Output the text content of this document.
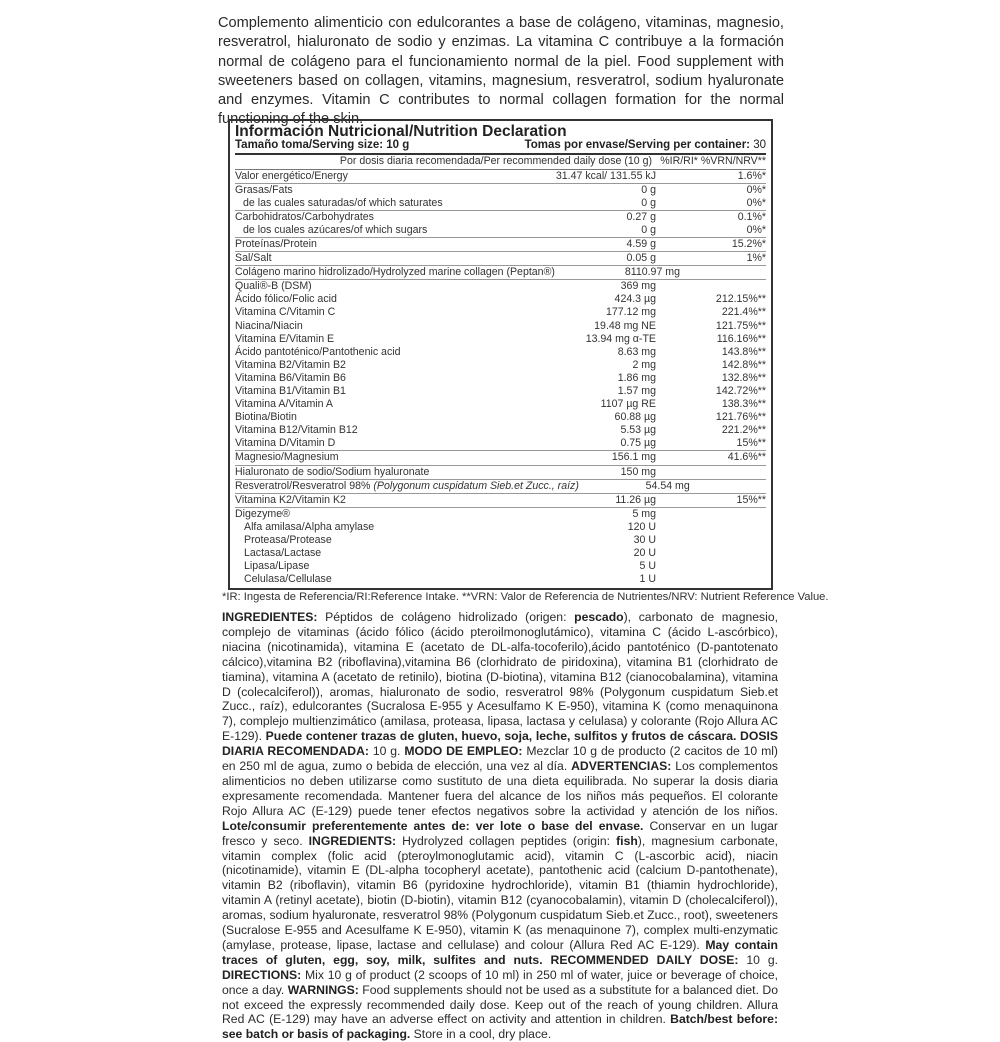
Complemento alimenticio con edulcorantes a base de colágeno, vitaminas, magnesio, resveratrol, hialuronato de sodio y enzimas. La vitamina C contribuye a la formación normal de colágeno para el funcionamiento normal de la piel. Food supplement with sweeteners based on collagen, vitamins, magnesium, resveratrol, sodium hyaluronate and enzymes. Vitamin C contributes to normal collagen formation for the normal functioning of the skin.
Información Nutricional/Nutrition Declaration
Tamaño toma/Serving size: 10 g	Tomas por envase/Serving per container: 30
Por dosis diaria recomendada/Per recommended daily dose (10 g) %IR/RI* %VRN/NRV**
Valor energético/Energy	31.47 kcal/ 131.55 kJ	1.6%*
Grasas/Fats	0 g	0%*
de las cuales saturadas/of which saturates	0 g	0%*
Carbohidratos/Carbohydrates	0.27 g	0.1%*
de los cuales azúcares/of which sugars	0 g	0%*
Proteínas/Protein	4.59 g	15.2%*
Sal/Salt	0.05 g	1%*
Colágeno marino hidrolizado/Hydrolyzed marine collagen (Peptan®)	8110.97 mg
Quali®-B (DSM)	369 mg
Ácido fólico/Folic acid	424.3 µg	212.15%**
Vitamina C/Vitamin C	177.12 mg	221.4%**
Niacina/Niacin	19.48 mg NE	121.75%**
Vitamina E/Vitamin E	13.94 mg α-TE	116.16%**
Ácido pantoténico/Pantothenic acid	8.63 mg	143.8%**
Vitamina B2/Vitamin B2	2 mg	142.8%**
Vitamina B6/Vitamin B6	1.86 mg	132.8%**
Vitamina B1/Vitamin B1	1.57 mg	142.72%**
Vitamina A/Vitamin A	1107 µg RE	138.3%**
Biotina/Biotin	60.88 µg	121.76%**
Vitamina B12/Vitamin B12	5.53 µg	221.2%**
Vitamina D/Vitamin D	0.75 µg	15%**
Magnesio/Magnesium	156.1 mg	41.6%**
Hialuronato de sodio/Sodium hyaluronate	150 mg
Resveratrol/Resveratrol 98% (Polygonum cuspidatum Sieb.et Zucc., raíz)	54.54 mg
Vitamina K2/Vitamin K2	11.26 µg	15%**
Digezyme®	5 mg
Alfa amilasa/Alpha amylase	120 U
Proteasa/Protease	30 U
Lactasa/Lactase	20 U
Lipasa/Lipase	5 U
Celulasa/Cellulase	1 U
*IR: Ingesta de Referencia/RI:Reference Intake. **VRN: Valor de Referencia de Nutrientes/NRV: Nutrient Reference Value.
INGREDIENTES: Péptidos de colágeno hidrolizado (origen: pescado), carbonato de magnesio, complejo de vitaminas (ácido fólico (ácido pteroilmonoglutámico), vitamina C (ácido L-ascórbico), niacina (nicotinamida), vitamina E (acetato de DL-alfa-tocoferilo),ácido pantoténico (D-pantotenato cálcico),vitamina B2 (riboflavina),vitamina B6 (clorhidrato de piridoxina), vitamina B1 (clorhidrato de tiamina), vitamina A (acetato de retinilo), biotina (D-biotina), vitamina B12 (cianocobalamina), vitamina D (colecalciferol)), aromas, hialuronato de sodio, resveratrol 98% (Polygonum cuspidatum Sieb.et Zucc., raíz), edulcorantes (Sucralosa E-955 y Acesulfamo K E-950), vitamina K (como menaquinona 7), complejo multienzimático (amilasa, proteasa, lipasa, lactasa y celulasa) y colorante (Rojo Allura AC E-129). Puede contener trazas de gluten, huevo, soja, leche, sulfitos y frutos de cáscara. DOSIS DIARIA RECOMENDADA: 10 g. MODO DE EMPLEO: Mezclar 10 g de producto (2 cacitos de 10 ml) en 250 ml de agua, zumo o bebida de elección, una vez al día. ADVERTENCIAS: Los complementos alimenticios no deben utilizarse como sustituto de una dieta equilibrada. No superar la dosis diaria expresamente recomendada. Mantener fuera del alcance de los niños más pequeños. El colorante Rojo Allura AC (E-129) puede tener efectos negativos sobre la actividad y atención de los niños. Lote/consumir preferentemente antes de: ver lote o base del envase. Conservar en un lugar fresco y seco. INGREDIENTS: Hydrolyzed collagen peptides (origin: fish), magnesium carbonate, vitamin complex (folic acid (pteroylmonoglutamic acid), vitamin C (L-ascorbic acid), niacin (nicotinamide), vitamin E (DL-alpha tocopheryl acetate), pantothenic acid (calcium D-pantothenate), vitamin B2 (riboflavin), vitamin B6 (pyridoxine hydrochloride), vitamin B1 (thiamin hydrochloride), vitamin A (retinyl acetate), biotin (D-biotin), vitamin B12 (cyanocobalamin), vitamin D (cholecalciferol)), aromas, sodium hyaluronate, resveratrol 98% (Polygonum cuspidatum Sieb.et Zucc., root), sweeteners (Sucralose E-955 and Acesulfame K E-950), vitamin K (as menaquinone 7), complex multi-enzymatic (amylase, protease, lipase, lactase and cellulase) and colour (Allura Red AC E-129). May contain traces of gluten, egg, soy, milk, sulfites and nuts. RECOMMENDED DAILY DOSE: 10 g. DIRECTIONS: Mix 10 g of product (2 scoops of 10 ml) in 250 ml of water, juice or beverage of choice, once a day. WARNINGS: Food supplements should not be used as a substitute for a balanced diet. Do not exceed the expressly recommended daily dose. Keep out of the reach of young children. Allura Red AC (E-129) may have an adverse effect on activity and attention in children. Batch/best before: see batch or basis of packaging. Store in a cool, dry place.
